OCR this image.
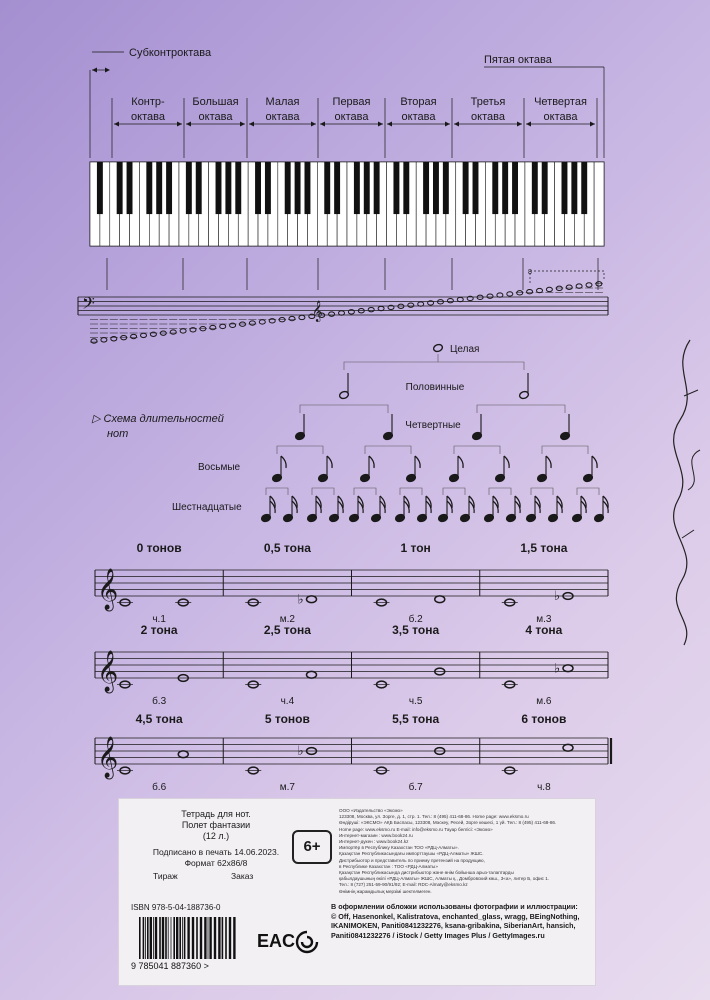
Контр-
октава
Большая
октава
Малая
октава
Первая
октава
Вторая
октава
Третья
октава
Четвертая
октава
Субконтроктава
Пятая октава
𝄢	𝄞
8
▷ Схема длительностей
нот
Целая
Половинные
Четвертные
Восьмые
Шестнадцатые
𝄞
0 тонов
ч.1
0,5 тона
м.2
♭
1 тон
б.2
1,5 тона
м.3
♭
𝄞
2 тона
б.3
2,5 тона
ч.4
3,5 тона
ч.5
4 тона
м.6
♭
𝄞
4,5 тона
б.6
5 тонов
м.7
♭
5,5 тона
б.7
6 тонов
ч.8
Тетрадь для нот.
Полет фантазии
(12 л.)
Подписано в печать 14.06.2023.
Формат 62х86/8
Тираж	Заказ
6+
ООО «Издательство «Эксмо»
123308, Москва, ул. Зорге, д. 1, стр. 1. Тел.: 8 (495) 411-68-86. Home page: www.eksmo.ru
Өндіруші: «ЭКСМО» АҚБ Баспасы, 123308, Мәскеу, Ресей, Зорге көшесі, 1 үй. Тел.: 8 (495) 411-68-86.
Home page: www.eksmo.ru E-mail: info@eksmo.ru Тауар белгісі: «Эксмо»
Интернет-магазин : www.book24.ru
Интернет-дүкен : www.book24.kz
Импортёр в Республику Казахстан ТОО «РДЦ-Алматы».
Қазақстан Республикасындағы импорттаушы «РДЦ-Алматы» ЖШС.
Дистрибьютор и представитель по приему претензий на продукцию,
в Республике Казахстан : ТОО «РДЦ-Алматы»
Қазақстан Республикасында дистрибьютор және өнім бойынша арыз-талаптарды
қабылдаушының өкілі «РДЦ-Алматы» ЖШС, Алматы қ., Домбровский көш., 3«а», литер Б, офис 1.
Тел.: 8 (727) 251-59-90/91/92; E-mail: RDC-Almaty@eksmo.kz
Өнімнің жарамдылық мерзімі шектелмеген.
ISBN 978-5-04-188736-0
9 785041 887360 >
EAC
В оформлении обложки использованы фотографии и иллюстрации:
© Off, Hasenonkel, Kalistratova, enchanted_glass, wragg, BEingNothing, IKANIMOKEN, Paniti0841232276, ksana-gribakina, SiberianArt, hansich, Paniti0841232276 / iStock / Getty Images Plus / GettyImages.ru
